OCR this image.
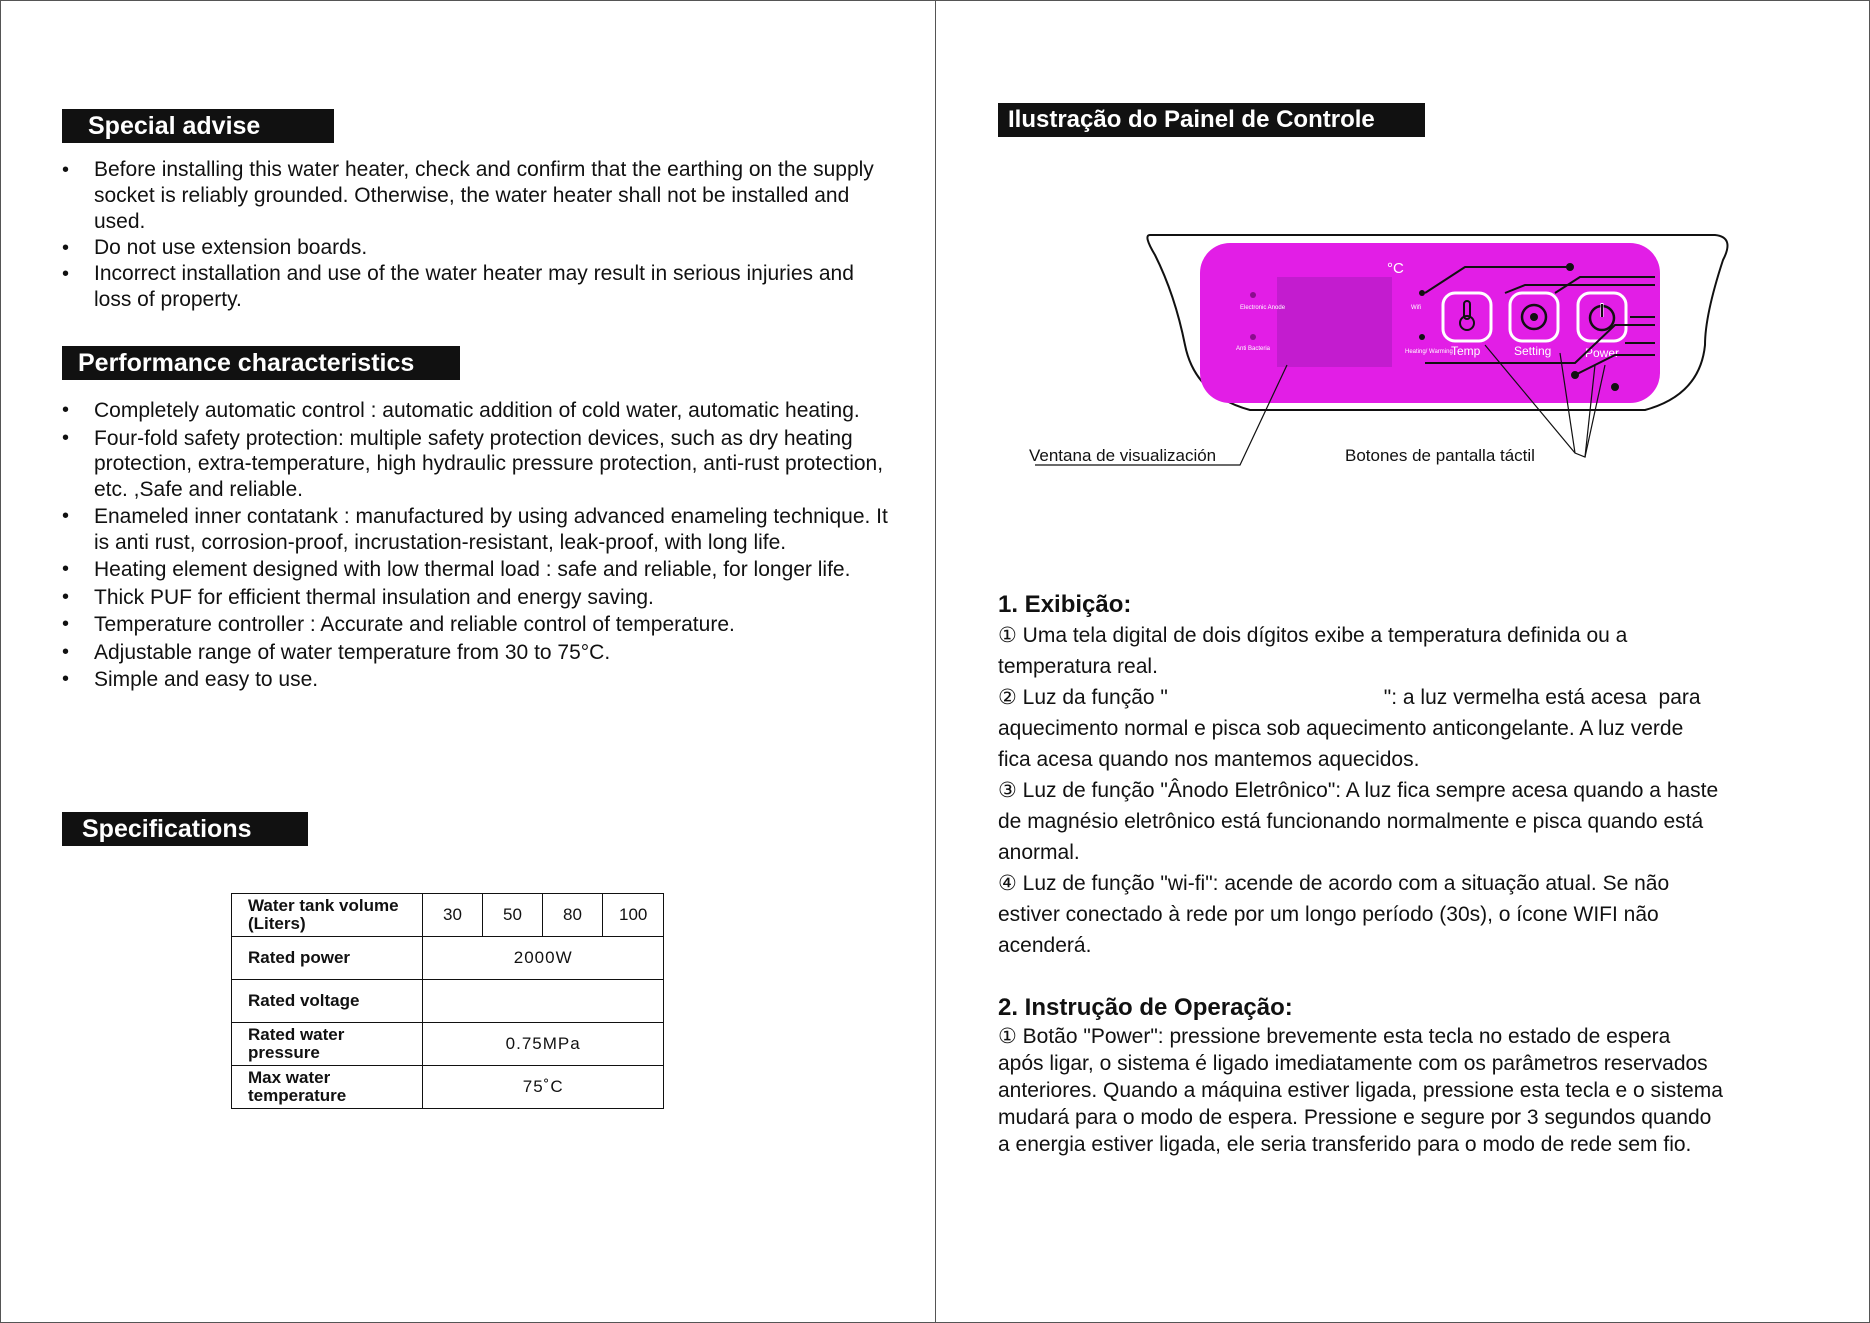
Special advise
• Before installing this water heater, check and confirm that the earthing on the supply socket is reliably grounded. Otherwise, the water heater shall not be installed and used.
• Do not use extension boards.
• Incorrect installation and use of the water heater may result in serious injuries and loss of property.
Performance characteristics
• Completely automatic control : automatic addition of cold water, automatic heating.
• Four-fold safety protection: multiple safety protection devices, such as dry heating protection, extra-temperature, high hydraulic pressure protection, anti-rust protection, etc. ,Safe and reliable.
• Enameled inner contatank : manufactured by using advanced enameling technique. It is anti rust, corrosion-proof, incrustation-resistant, leak-proof, with long life.
• Heating element designed with low thermal load : safe and reliable, for longer life.
• Thick PUF for efficient thermal insulation and energy saving.
• Temperature controller : Accurate and reliable control of temperature.
• Adjustable range of water temperature from 30 to 75°C.
• Simple and easy to use.
Specifications
Water tank volume (Liters)	30	50	80	100
Rated power	2000W			
Rated voltage				
Rated water pressure	0.75MPa			
Max water temperature	75˚C			
Ilustração do Painel de Controle
°C
Electronic Anode
Anti Bacteria
Wifi
Heating/ Warming
Temp	Setting	Power
Ventana de visualización	Botones de pantalla táctil

1. Exibição:

① Uma tela digital de dois dígitos exibe a temperatura definida ou a

temperatura real.

② Luz da função "                                     ": a luz vermelha está acesa  para

aquecimento normal e pisca sob aquecimento anticongelante. A luz verde

fica acesa quando nos mantemos aquecidos.

③ Luz de função "Ânodo Eletrônico": A luz fica sempre acesa quando a haste

de magnésio eletrônico está funcionando normalmente e pisca quando está

anormal.

④ Luz de função "wi-fi": acende de acordo com a situação atual. Se não

estiver conectado à rede por um longo período (30s), o ícone WIFI não

acenderá.

2. Instrução de Operação:

① Botão "Power": pressione brevemente esta tecla no estado de espera

após ligar, o sistema é ligado imediatamente com os parâmetros reservados

anteriores. Quando a máquina estiver ligada, pressione esta tecla e o sistema

mudará para o modo de espera. Pressione e segure por 3 segundos quando

a energia estiver ligada, ele seria transferido para o modo de rede sem fio.
